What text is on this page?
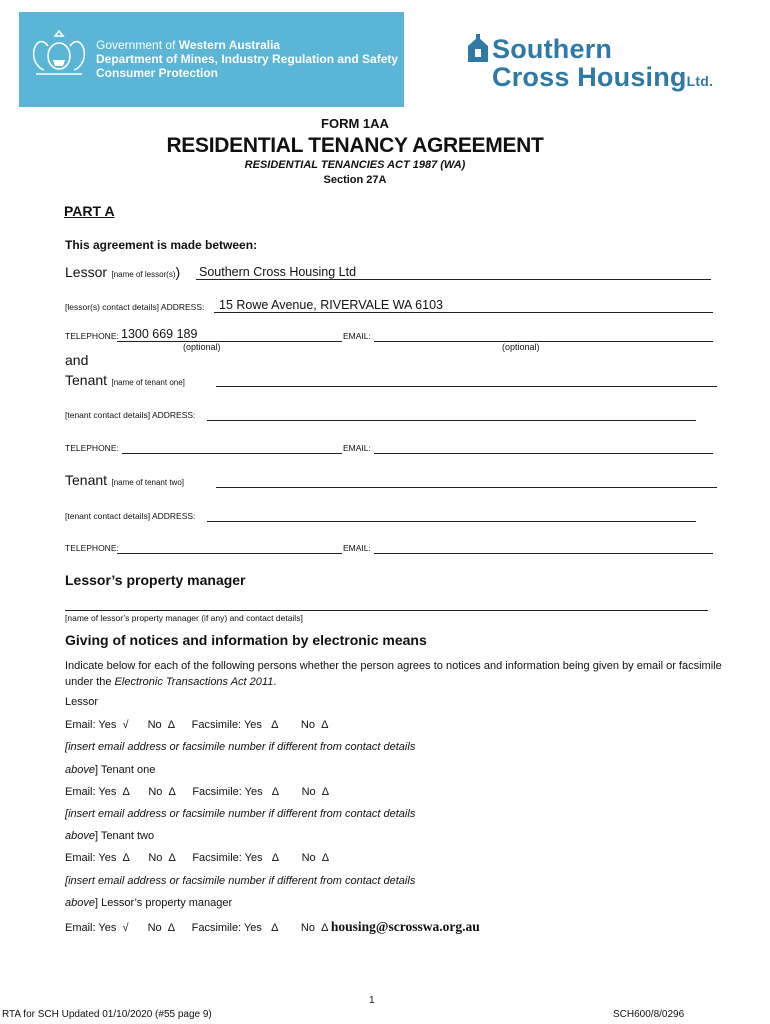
Government of Western Australia
Department of Mines, Industry Regulation and Safety
Consumer Protection
Southern
Cross HousingLtd.
FORM 1AA
RESIDENTIAL TENANCY AGREEMENT
RESIDENTIAL TENANCIES ACT 1987 (WA)
Section 27A
PART A
This agreement is made between:
Lessor [name of lessor(s)) Southern Cross Housing Ltd
[lessor(s) contact details] ADDRESS: 15 Rowe Avenue, RIVERVALE WA 6103
TELEPHONE: 1300 669 189	EMAIL:
(optional)	(optional)
and
Tenant [name of tenant one]
[tenant contact details] ADDRESS:
TELEPHONE:	EMAIL:
Tenant [name of tenant two]
[tenant contact details] ADDRESS:
TELEPHONE:	EMAIL:
Lessor’s property manager
[name of lessor’s property manager (if any) and contact details]
Giving of notices and information by electronic means
Indicate below for each of the following persons whether the person agrees to notices and information being given by email or facsimile under the Electronic Transactions Act 2011.
Lessor
Email: Yes √ No Δ Facsimile: Yes Δ No Δ
[insert email address or facsimile number if different from contact details
above] Tenant one
Email: Yes Δ No Δ Facsimile: Yes Δ No Δ
[insert email address or facsimile number if different from contact details
above] Tenant two
Email: Yes Δ No Δ Facsimile: Yes Δ No Δ
[insert email address or facsimile number if different from contact details
above] Lessor’s property manager
Email: Yes √ No Δ Facsimile: Yes Δ No Δ housing@scrosswa.org.au
1
RTA for SCH Updated 01/10/2020 (#55 page 9)	SCH600/8/0296
